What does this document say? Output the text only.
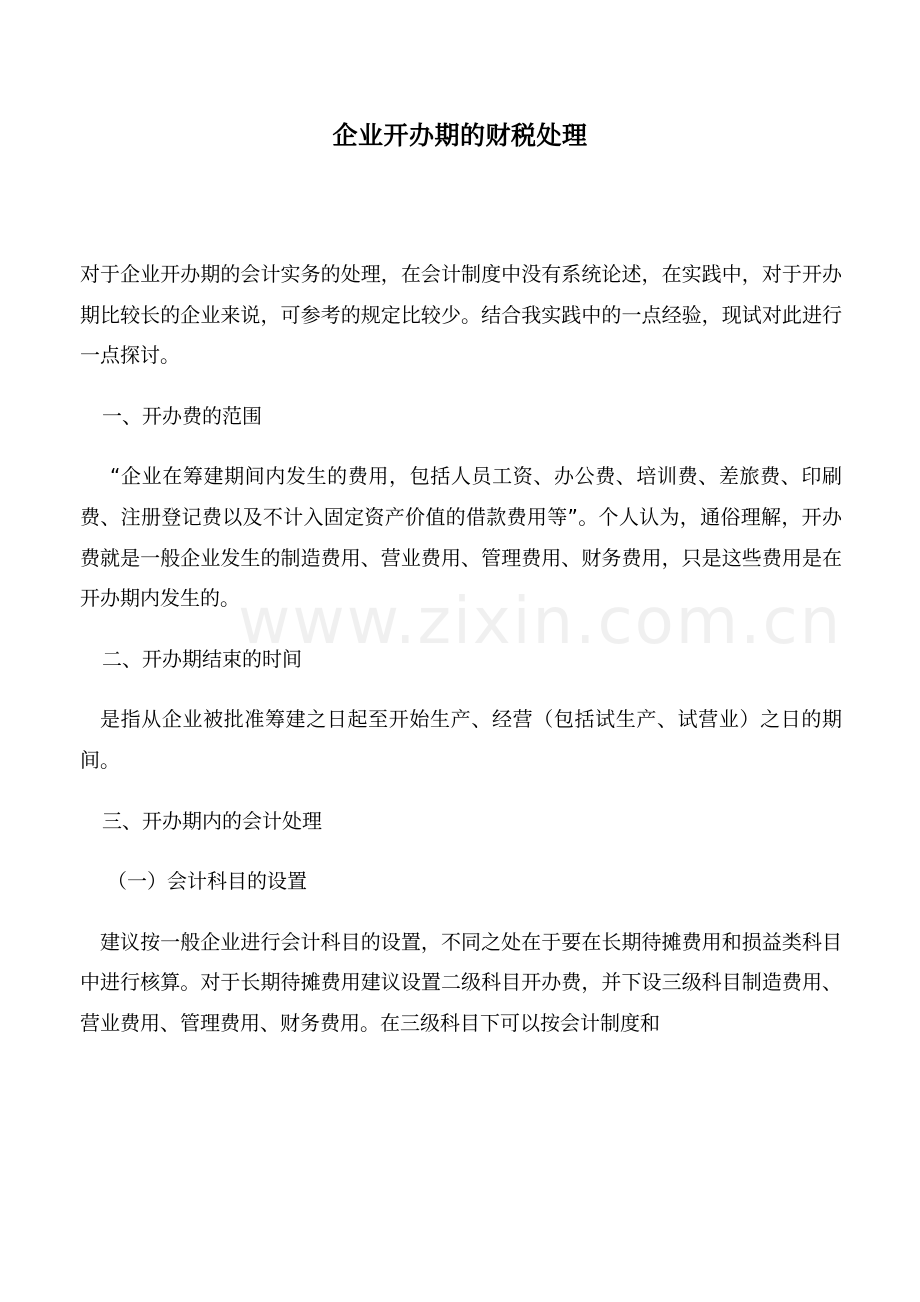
www.zixin.com.cn
企业开办期的财税处理

对于企业开办期的会计实务的处理，在会计制度中没有系统论述，在实践中，对于开办期比较长的企业来说，可参考的规定比较少。结合我实践中的一点经验，现试对此进行一点探讨。

一、开办费的范围

“企业在筹建期间内发生的费用，包括人员工资、办公费、培训费、差旅费、印刷费、注册登记费以及不计入固定资产价值的借款费用等”。个人认为，通俗理解，开办费就是一般企业发生的制造费用、营业费用、管理费用、财务费用，只是这些费用是在开办期内发生的。

二、开办期结束的时间

是指从企业被批准筹建之日起至开始生产、经营（包括试生产、试营业）之日的期间。

三、开办期内的会计处理

（一）会计科目的设置

建议按一般企业进行会计科目的设置，不同之处在于要在长期待摊费用和损益类科目中进行核算。对于长期待摊费用建议设置二级科目开办费，并下设三级科目制造费用、营业费用、管理费用、财务费用。在三级科目下可以按会计制度和
